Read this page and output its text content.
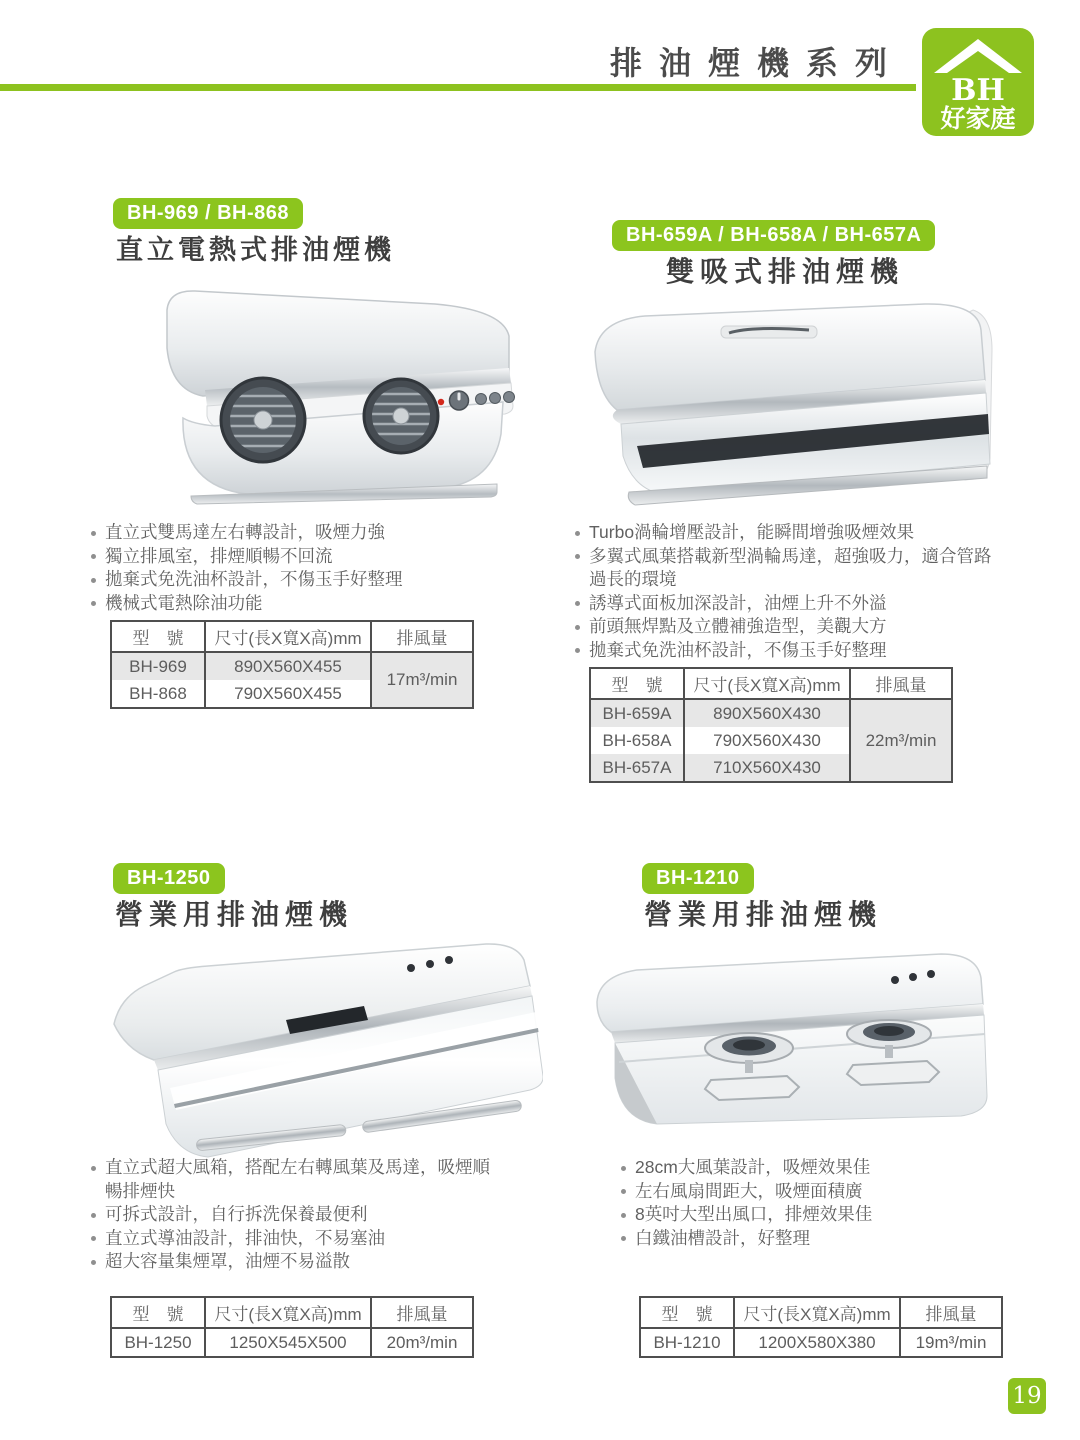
排油煙機系列
BH
好家庭
BH-969 / BH-868
直立電熱式排油煙機
直立式雙馬達左右轉設計，吸煙力強
獨立排風室，排煙順暢不回流
拋棄式免洗油杯設計，不傷玉手好整理
機械式電熱除油功能
型　號	尺寸(長X寬X高)mm	排風量
BH-969	890X560X455	17m³/min
BH-868	790X560X455	
BH-659A / BH-658A / BH-657A
雙吸式排油煙機
Turbo渦輪增壓設計，能瞬間增強吸煙效果
多翼式風葉搭載新型渦輪馬達，超強吸力，適合管路過長的環境
誘導式面板加深設計，油煙上升不外溢
前頭無焊點及立體補強造型，美觀大方
拋棄式免洗油杯設計，不傷玉手好整理
型　號	尺寸(長X寬X高)mm	排風量
BH-659A	890X560X430	22m³/min
BH-658A	790X560X430	
BH-657A	710X560X430	
BH-1250
營業用排油煙機
直立式超大風箱，搭配左右轉風葉及馬達，吸煙順暢排煙快
可拆式設計，自行拆洗保養最便利
直立式導油設計，排油快，不易塞油
超大容量集煙罩，油煙不易溢散
型　號	尺寸(長X寬X高)mm	排風量
BH-1250	1250X545X500	20m³/min
BH-1210
營業用排油煙機
28cm大風葉設計，吸煙效果佳
左右風扇間距大，吸煙面積廣
8英吋大型出風口，排煙效果佳
白鐵油槽設計，好整理
型　號	尺寸(長X寬X高)mm	排風量
BH-1210	1200X580X380	19m³/min
19
